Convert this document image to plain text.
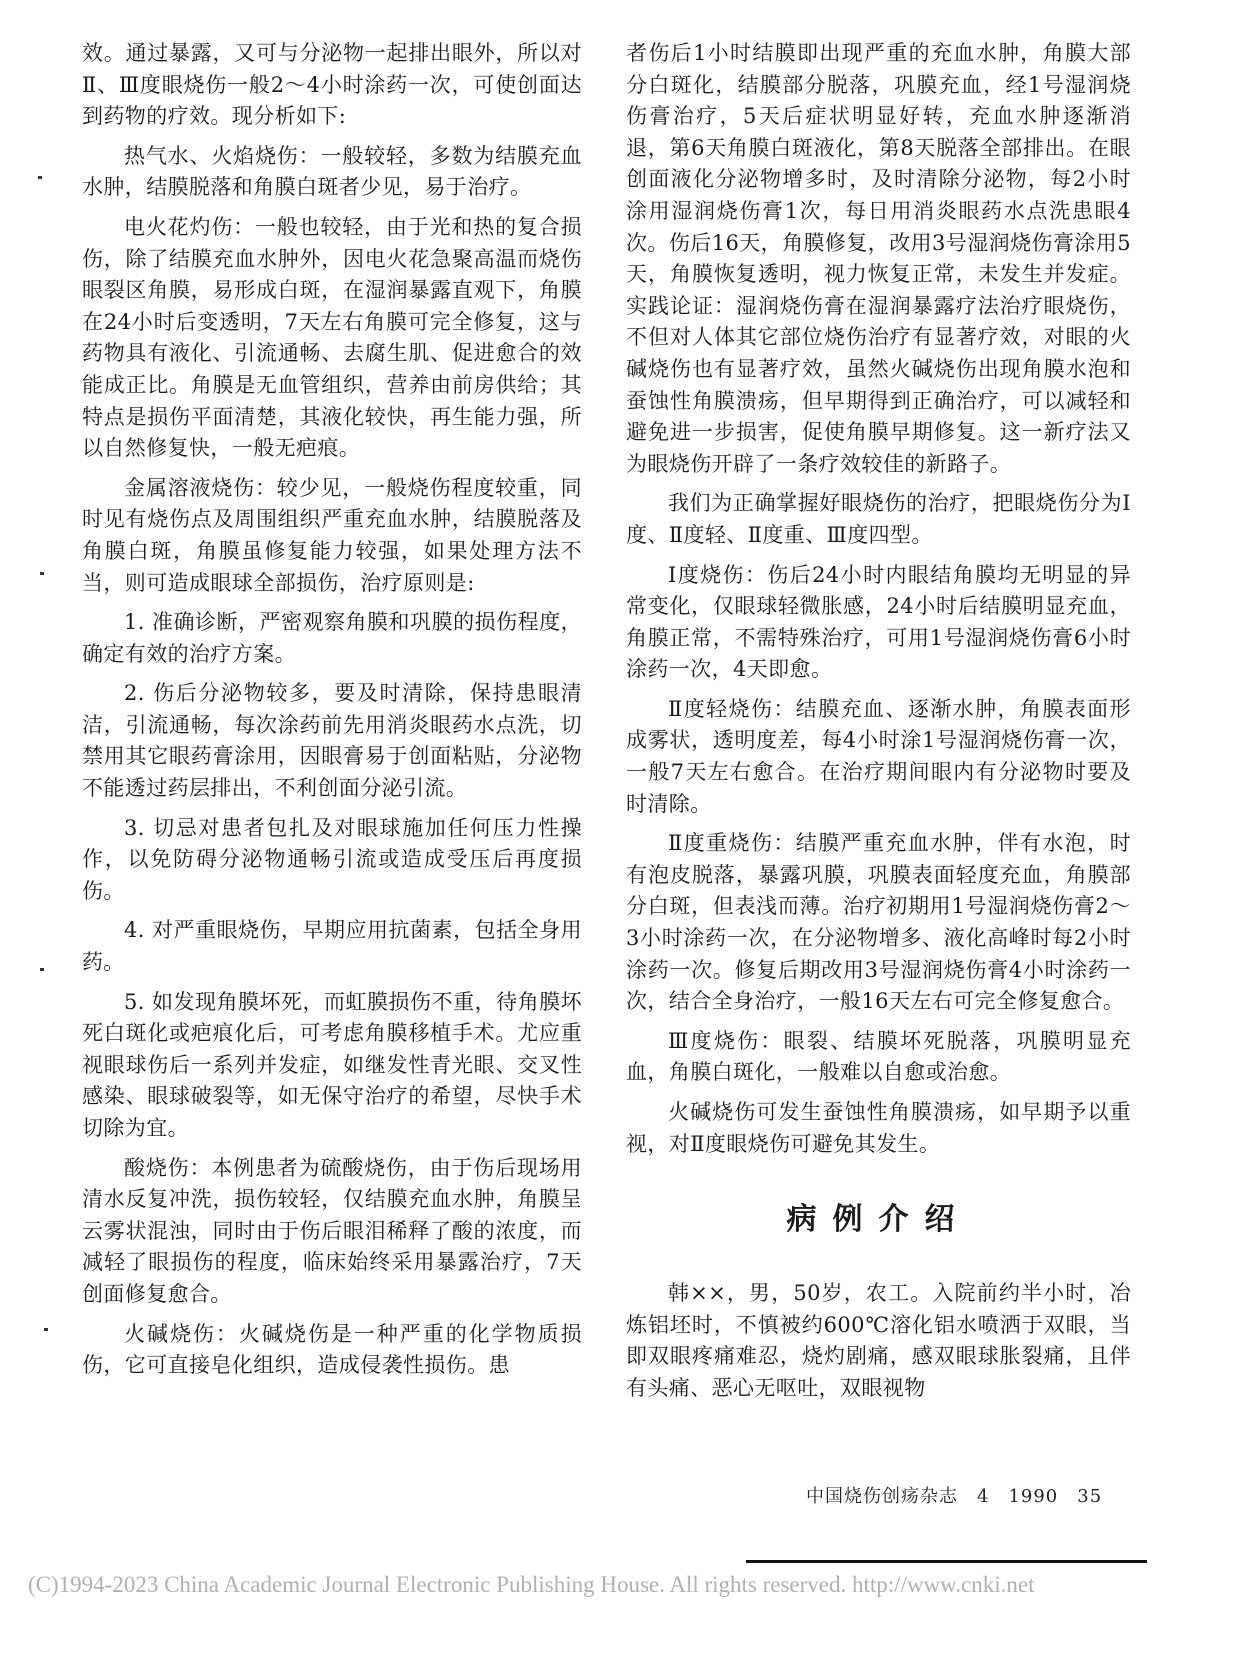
效。通过暴露，又可与分泌物一起排出眼外，所以对Ⅱ、Ⅲ度眼烧伤一般2～4小时涂药一次，可使创面达到药物的疗效。现分析如下:

热气水、火焰烧伤：一般较轻，多数为结膜充血水肿，结膜脱落和角膜白斑者少见，易于治疗。

电火花灼伤：一般也较轻，由于光和热的复合损伤，除了结膜充血水肿外，因电火花急聚高温而烧伤眼裂区角膜，易形成白斑，在湿润暴露直观下，角膜在24小时后变透明，7天左右角膜可完全修复，这与药物具有液化、引流通畅、去腐生肌、促进愈合的效能成正比。角膜是无血管组织，营养由前房供给；其特点是损伤平面清楚，其液化较快，再生能力强，所以自然修复快，一般无疤痕。

金属溶液烧伤：较少见，一般烧伤程度较重，同时见有烧伤点及周围组织严重充血水肿，结膜脱落及角膜白斑，角膜虽修复能力较强，如果处理方法不当，则可造成眼球全部损伤，治疗原则是:

1. 准确诊断，严密观察角膜和巩膜的损伤程度，确定有效的治疗方案。

2. 伤后分泌物较多，要及时清除，保持患眼清洁，引流通畅，每次涂药前先用消炎眼药水点洗，切禁用其它眼药膏涂用，因眼膏易于创面粘贴，分泌物不能透过药层排出，不利创面分泌引流。

3. 切忌对患者包扎及对眼球施加任何压力性操作，以免防碍分泌物通畅引流或造成受压后再度损伤。

4. 对严重眼烧伤，早期应用抗菌素，包括全身用药。

5. 如发现角膜坏死，而虹膜损伤不重，待角膜坏死白斑化或疤痕化后，可考虑角膜移植手术。尤应重视眼球伤后一系列并发症，如继发性青光眼、交叉性感染、眼球破裂等，如无保守治疗的希望，尽快手术切除为宜。

酸烧伤：本例患者为硫酸烧伤，由于伤后现场用清水反复冲洗，损伤较轻，仅结膜充血水肿，角膜呈云雾状混浊，同时由于伤后眼泪稀释了酸的浓度，而减轻了眼损伤的程度，临床始终采用暴露治疗，7天创面修复愈合。

火碱烧伤：火碱烧伤是一种严重的化学物质损伤，它可直接皂化组织，造成侵袭性损伤。患

者伤后1小时结膜即出现严重的充血水肿，角膜大部分白斑化，结膜部分脱落，巩膜充血，经1号湿润烧伤膏治疗，5天后症状明显好转，充血水肿逐渐消退，第6天角膜白斑液化，第8天脱落全部排出。在眼创面液化分泌物增多时，及时清除分泌物，每2小时涂用湿润烧伤膏1次，每日用消炎眼药水点洗患眼4次。伤后16天，角膜修复，改用3号湿润烧伤膏涂用5天，角膜恢复透明，视力恢复正常，未发生并发症。实践论证：湿润烧伤膏在湿润暴露疗法治疗眼烧伤，不但对人体其它部位烧伤治疗有显著疗效，对眼的火碱烧伤也有显著疗效，虽然火碱烧伤出现角膜水泡和蚕蚀性角膜溃疡，但早期得到正确治疗，可以减轻和避免进一步损害，促使角膜早期修复。这一新疗法又为眼烧伤开辟了一条疗效较佳的新路子。

我们为正确掌握好眼烧伤的治疗，把眼烧伤分为Ⅰ度、Ⅱ度轻、Ⅱ度重、Ⅲ度四型。

Ⅰ度烧伤：伤后24小时内眼结角膜均无明显的异常变化，仅眼球轻微胀感，24小时后结膜明显充血，角膜正常，不需特殊治疗，可用1号湿润烧伤膏6小时涂药一次，4天即愈。

Ⅱ度轻烧伤：结膜充血、逐渐水肿，角膜表面形成雾状，透明度差，每4小时涂1号湿润烧伤膏一次，一般7天左右愈合。在治疗期间眼内有分泌物时要及时清除。

Ⅱ度重烧伤：结膜严重充血水肿，伴有水泡，时有泡皮脱落，暴露巩膜，巩膜表面轻度充血，角膜部分白斑，但表浅而薄。治疗初期用1号湿润烧伤膏2～3小时涂药一次，在分泌物增多、液化高峰时每2小时涂药一次。修复后期改用3号湿润烧伤膏4小时涂药一次，结合全身治疗，一般16天左右可完全修复愈合。

Ⅲ度烧伤：眼裂、结膜坏死脱落，巩膜明显充血，角膜白斑化，一般难以自愈或治愈。

火碱烧伤可发生蚕蚀性角膜溃疡，如早期予以重视，对Ⅱ度眼烧伤可避免其发生。

病例介绍

韩××，男，50岁，农工。入院前约半小时，冶炼铝坯时，不慎被约600℃溶化铝水喷洒于双眼，当即双眼疼痛难忍，烧灼剧痛，感双眼球胀裂痛，且伴有头痛、恶心无呕吐，双眼视物

中国烧伤创疡杂志　4　1990　35
(C)1994-2023 China Academic Journal Electronic Publishing House. All rights reserved. http://www.cnki.net
